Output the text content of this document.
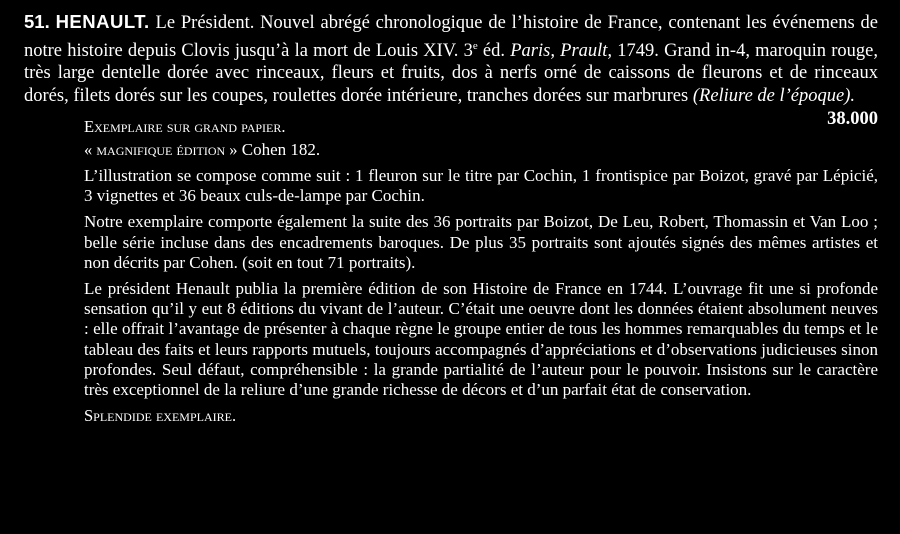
51. HENAULT. Le Président. Nouvel abrégé chronologique de l’histoire de France, contenant les événemens de notre histoire depuis Clovis jusqu’à la mort de Louis XIV. 3e éd. Paris, Prault, 1749. Grand in-4, maroquin rouge, très large dentelle dorée avec rinceaux, fleurs et fruits, dos à nerfs orné de caissons de fleurons et de rinceaux dorés, filets dorés sur les coupes, roulettes dorée intérieure, tranches dorées sur marbrures (Reliure de l’époque).
38.000

Exemplaire sur grand papier.

« magnifique édition » Cohen 182.

L’illustration se compose comme suit : 1 fleuron sur le titre par Cochin, 1 frontispice par Boizot, gravé par Lépicié, 3 vignettes et 36 beaux culs-de-lampe par Cochin.

Notre exemplaire comporte également la suite des 36 portraits par Boizot, De Leu, Robert, Thomassin et Van Loo ; belle série incluse dans des encadrements baroques. De plus 35 portraits sont ajoutés signés des mêmes artistes et non décrits par Cohen. (soit en tout 71 portraits).

Le président Henault publia la première édition de son Histoire de France en 1744. L’ouvrage fit une si profonde sensation qu’il y eut 8 éditions du vivant de l’auteur. C’était une oeuvre dont les données étaient absolument neuves : elle offrait l’avantage de présenter à chaque règne le groupe entier de tous les hommes remarquables du temps et le tableau des faits et leurs rapports mutuels, toujours accompagnés d’appréciations et d’observations judicieuses sinon profondes. Seul défaut, compréhensible : la grande partialité de l’auteur pour le pouvoir. Insistons sur le caractère très exceptionnel de la reliure d’une grande richesse de décors et d’un parfait état de conservation.

Splendide exemplaire.
